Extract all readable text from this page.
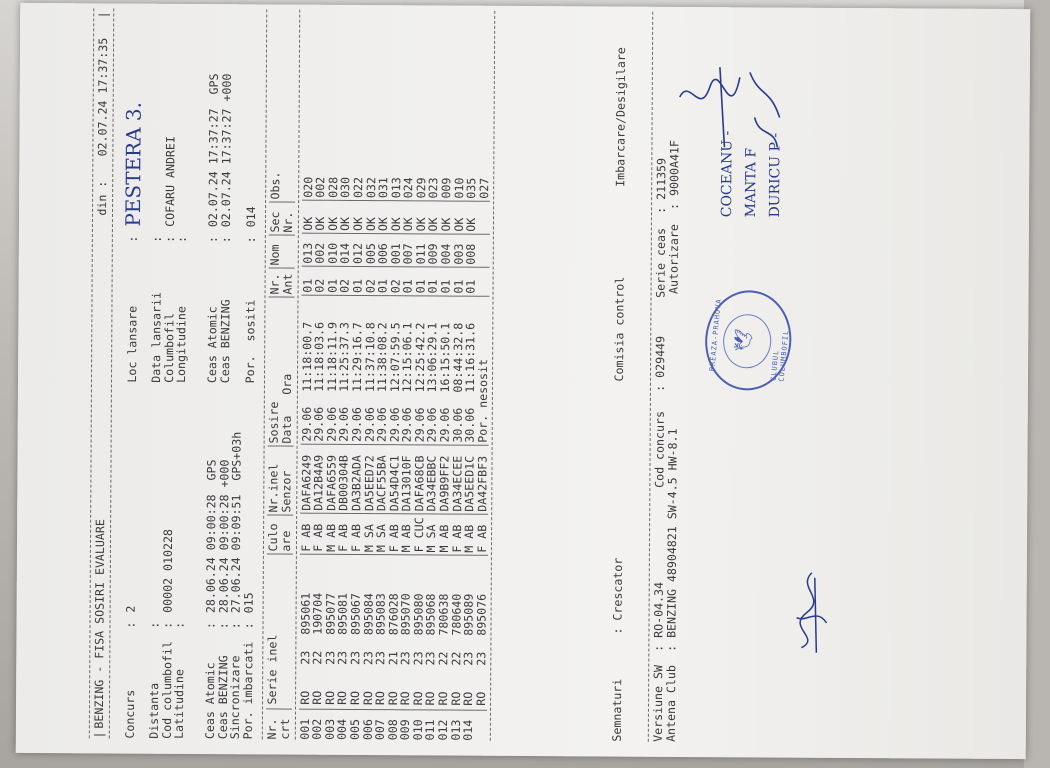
|
BENZING - FISA SOSIRI EVALUARE
din :
02.07.24 17:37:35
|
Concurs
:
2
Loc lansare
:
PESTERA 3.
Distanta
:
Data lansarii
:
Cod columbofil
:
00002 010228
Columbofil
:
COFARU ANDREI
Latitudine
:
Longitudine
:
Ceas Atomic
:
28.06.24 09:00:28  GPS
Ceas Atomic
:
02.07.24 17:37:27  GPS
Ceas BENZING
:
28.06.24 09:00:28 +000
Ceas BENZING
:
02.07.24 17:37:27 +000
Sincronizare
:
27.06.24 09:09:51  GPS+03h
Por. imbarcati
:
015
Por.  sositi
:
014
Nr.
Serie inel
Culo
Nr.inel
Sosire
Nr.
Nom
Sec
Obs.
crt
are
Senzor
Data   Ora
Ant
Nr.
001
RO
23
895061
F
AB
DAFA6249
29.06
11:18:00.7
01
013
OK
020
002
RO
22
190704
F
AB
DA12B4A9
29.06
11:18:03.6
02
002
OK
002
003
RO
23
895077
M
AB
DAFA6559
29.06
11:18:11.9
01
010
OK
028
004
RO
23
895081
F
AB
DB00304B
29.06
11:25:37.3
02
014
OK
030
005
RO
23
895067
F
AB
DA3B2ADA
29.06
11:29:16.7
01
012
OK
022
006
RO
23
895084
M
SA
DA5EED72
29.06
11:37:10.8
02
005
OK
032
007
RO
23
895083
M
SA
DACF55BA
29.06
11:38:08.2
01
006
OK
031
008
RO
21
876028
F
AB
DA54D4C1
29.06
12:07:59.5
02
001
OK
013
009
RO
23
895070
M
AB
DA13010F
29.06
12:15:06.1
01
007
OK
024
010
RO
23
895080
F
CUC
DAFA68CB
29.06
12:25:42.2
01
011
OK
029
011
RO
23
895068
M
SA
DA34EBBC
29.06
13:06:29.1
01
009
OK
023
012
RO
22
780638
M
AB
DA9B9FF2
29.06
16:15:50.1
01
004
OK
009
013
RO
22
780640
F
AB
DA34ECEE
30.06
08:44:32.8
01
003
OK
010
014
RO
23
895089
M
AB
DA5EED1C
30.06
11:16:31.6
01
008
OK
035
RO
23
895076
F
AB
DA42FBF3
Por. nesosit
027
Semnaturi
: Crescator
Comisia control
Imbarcare/Desigilare
Versiune SW
:
RO-04.34
Cod concurs
:
029449
Serie ceas
:
211359
Antena Club
:
BENZING 48904821 SW-4.5 HW-8.1
Autorizare
:
9000A41F
BREAZA-PRAHOVA 🕊
CLUBUL COLUMBOFIL
COCEANU - MANTA F DURICU P -
